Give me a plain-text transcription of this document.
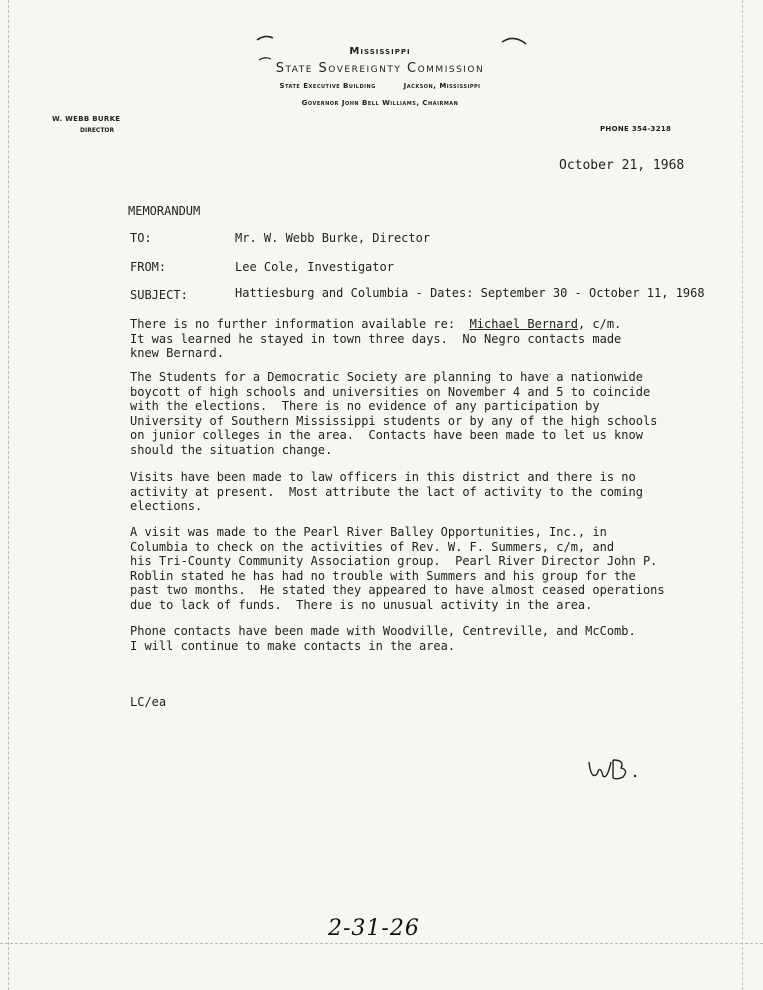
Mississippi
State Sovereignty Commission
State Executive Building	Jackson, Mississippi
Governor John Bell Williams, Chairman
W. WEBB BURKE
DIRECTOR	PHONE 354-3218
October 21, 1968
MEMORANDUM
TO:	Mr. W. Webb Burke, Director
FROM:	Lee Cole, Investigator
SUBJECT:	Hattiesburg and Columbia - Dates: September 30 - October 11, 1968
There is no further information available re:  Michael Bernard, c/m.
It was learned he stayed in town three days.  No Negro contacts made
knew Bernard.
The Students for a Democratic Society are planning to have a nationwide
boycott of high schools and universities on November 4 and 5 to coincide
with the elections.  There is no evidence of any participation by
University of Southern Mississippi students or by any of the high schools
on junior colleges in the area.  Contacts have been made to let us know
should the situation change.
Visits have been made to law officers in this district and there is no
activity at present.  Most attribute the lact of activity to the coming
elections.
A visit was made to the Pearl River Balley Opportunities, Inc., in
Columbia to check on the activities of Rev. W. F. Summers, c/m, and
his Tri-County Community Association group.  Pearl River Director John P.
Roblin stated he has had no trouble with Summers and his group for the
past two months.  He stated they appeared to have almost ceased operations
due to lack of funds.  There is no unusual activity in the area.
Phone contacts have been made with Woodville, Centreville, and McComb.
I will continue to make contacts in the area.
LC/ea
2-31-26
